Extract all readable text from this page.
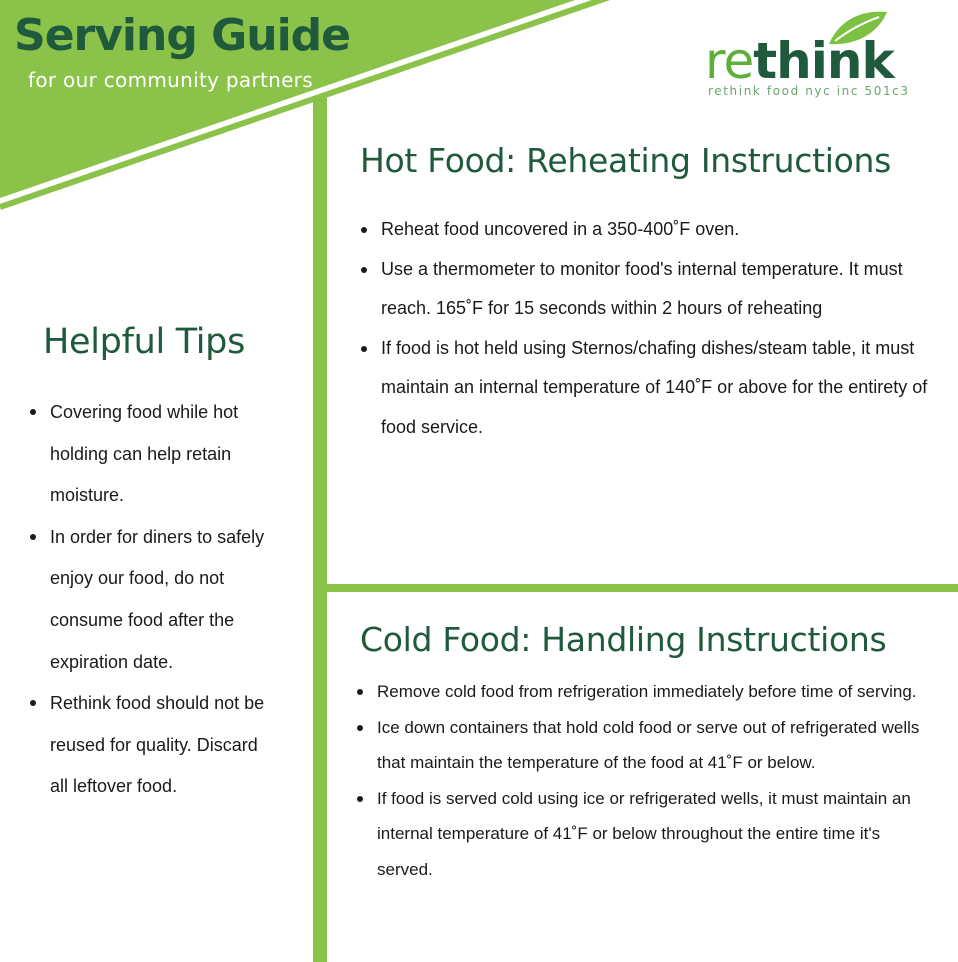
Serving Guide
for our community partners	rethink
rethink food nyc inc 501c3
Helpful Tips
Covering food while hot holding can help retain moisture.
In order for diners to safely enjoy our food, do not consume food after the expiration date.
Rethink food should not be reused for quality. Discard all leftover food.
Hot Food: Reheating Instructions
Reheat food uncovered in a 350-400˚F oven.
Use a thermometer to monitor food's internal temperature. It must reach. 165˚F for 15 seconds within 2 hours of reheating
If food is hot held using Sternos/chafing dishes/steam table, it must maintain an internal temperature of 140˚F or above for the entirety of food service.
Cold Food: Handling Instructions
Remove cold food from refrigeration immediately before time of serving.
Ice down containers that hold cold food or serve out of refrigerated wells that maintain the temperature of the food at 41˚F or below.
If food is served cold using ice or refrigerated wells, it must maintain an internal temperature of 41˚F or below throughout the entire time it's served.
